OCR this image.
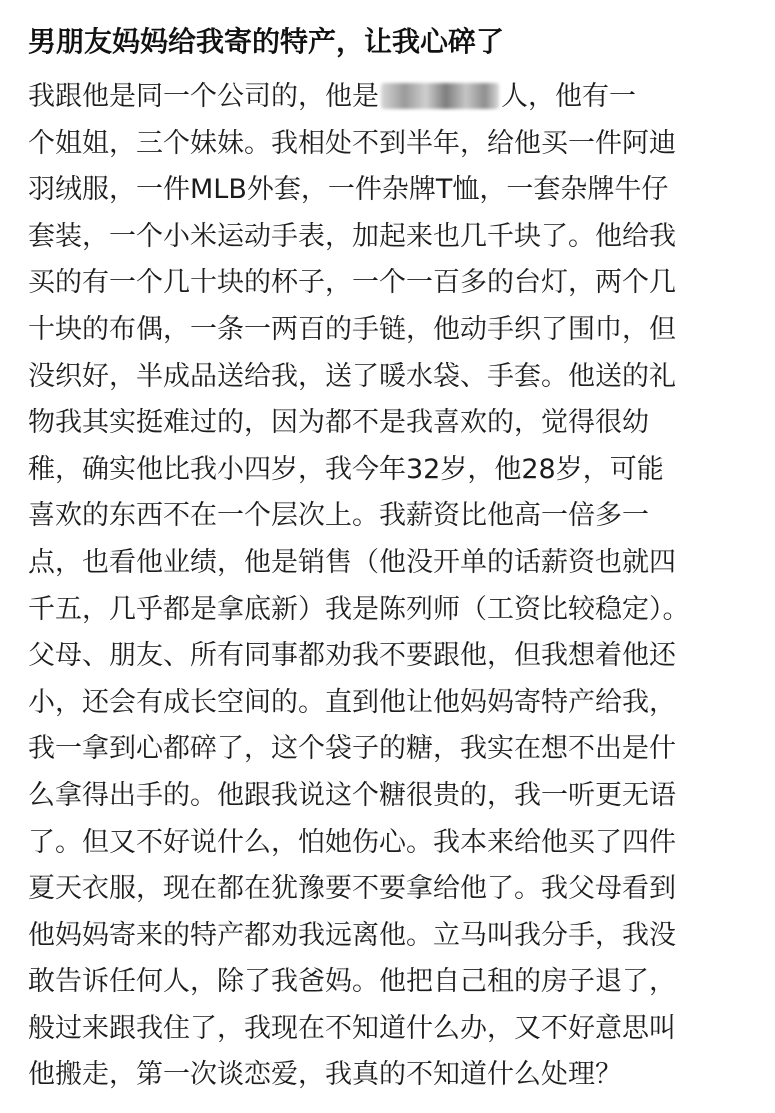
男朋友妈妈给我寄的特产，让我心碎了
我跟他是同一个公司的，他是	人，他有一
个姐姐，三个妹妹。我相处不到半年，给他买一件阿迪
羽绒服，一件MLB外套，一件杂牌T恤，一套杂牌牛仔
套装，一个小米运动手表，加起来也几千块了。他给我
买的有一个几十块的杯子，一个一百多的台灯，两个几
十块的布偶，一条一两百的手链，他动手织了围巾，但
没织好，半成品送给我，送了暖水袋、手套。他送的礼
物我其实挺难过的，因为都不是我喜欢的，觉得很幼
稚，确实他比我小四岁，我今年32岁，他28岁，可能
喜欢的东西不在一个层次上。我薪资比他高一倍多一
点，也看他业绩，他是销售（他没开单的话薪资也就四
千五，几乎都是拿底新）我是陈列师（工资比较稳定）。
父母、朋友、所有同事都劝我不要跟他，但我想着他还
小，还会有成长空间的。直到他让他妈妈寄特产给我，
我一拿到心都碎了，这个袋子的糖，我实在想不出是什
么拿得出手的。他跟我说这个糖很贵的，我一听更无语
了。但又不好说什么，怕她伤心。我本来给他买了四件
夏天衣服，现在都在犹豫要不要拿给他了。我父母看到
他妈妈寄来的特产都劝我远离他。立马叫我分手，我没
敢告诉任何人，除了我爸妈。他把自己租的房子退了，
般过来跟我住了，我现在不知道什么办，又不好意思叫
他搬走，第一次谈恋爱，我真的不知道什么处理？
